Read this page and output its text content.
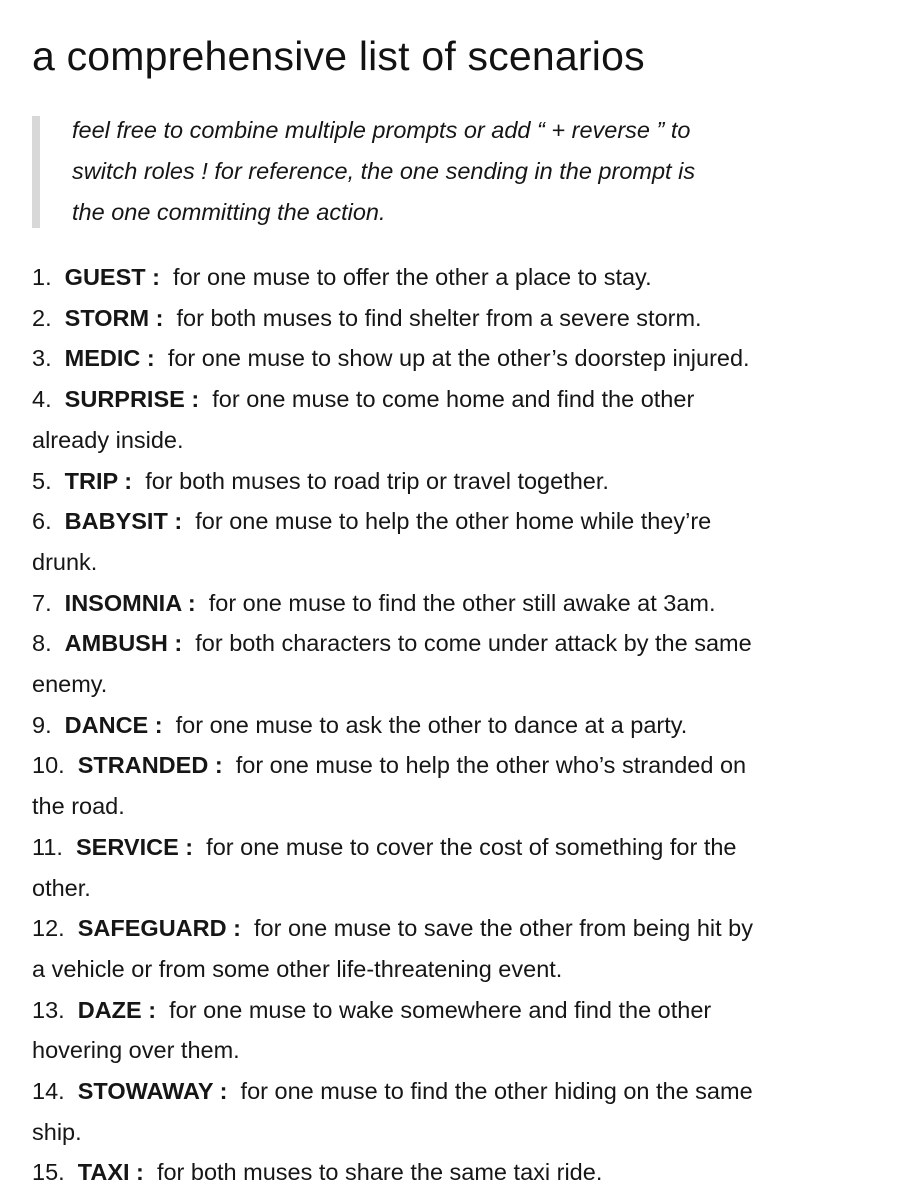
a comprehensive list of scenarios

feel free to combine multiple prompts or add “ + reverse ” to

switch roles ! for reference, the one sending in the prompt is

the one committing the action.

1. GUEST : for one muse to offer the other a place to stay.
2. STORM : for both muses to find shelter from a severe storm.
3. MEDIC : for one muse to show up at the other’s doorstep injured.
4. SURPRISE : for one muse to come home and find the other
already inside.
5. TRIP : for both muses to road trip or travel together.
6. BABYSIT : for one muse to help the other home while they’re
drunk.
7. INSOMNIA : for one muse to find the other still awake at 3am.
8. AMBUSH : for both characters to come under attack by the same
enemy.
9. DANCE : for one muse to ask the other to dance at a party.
10. STRANDED : for one muse to help the other who’s stranded on
the road.
11. SERVICE : for one muse to cover the cost of something for the
other.
12. SAFEGUARD : for one muse to save the other from being hit by
a vehicle or from some other life-threatening event.
13. DAZE : for one muse to wake somewhere and find the other
hovering over them.
14. STOWAWAY : for one muse to find the other hiding on the same
ship.
15. TAXI : for both muses to share the same taxi ride.
